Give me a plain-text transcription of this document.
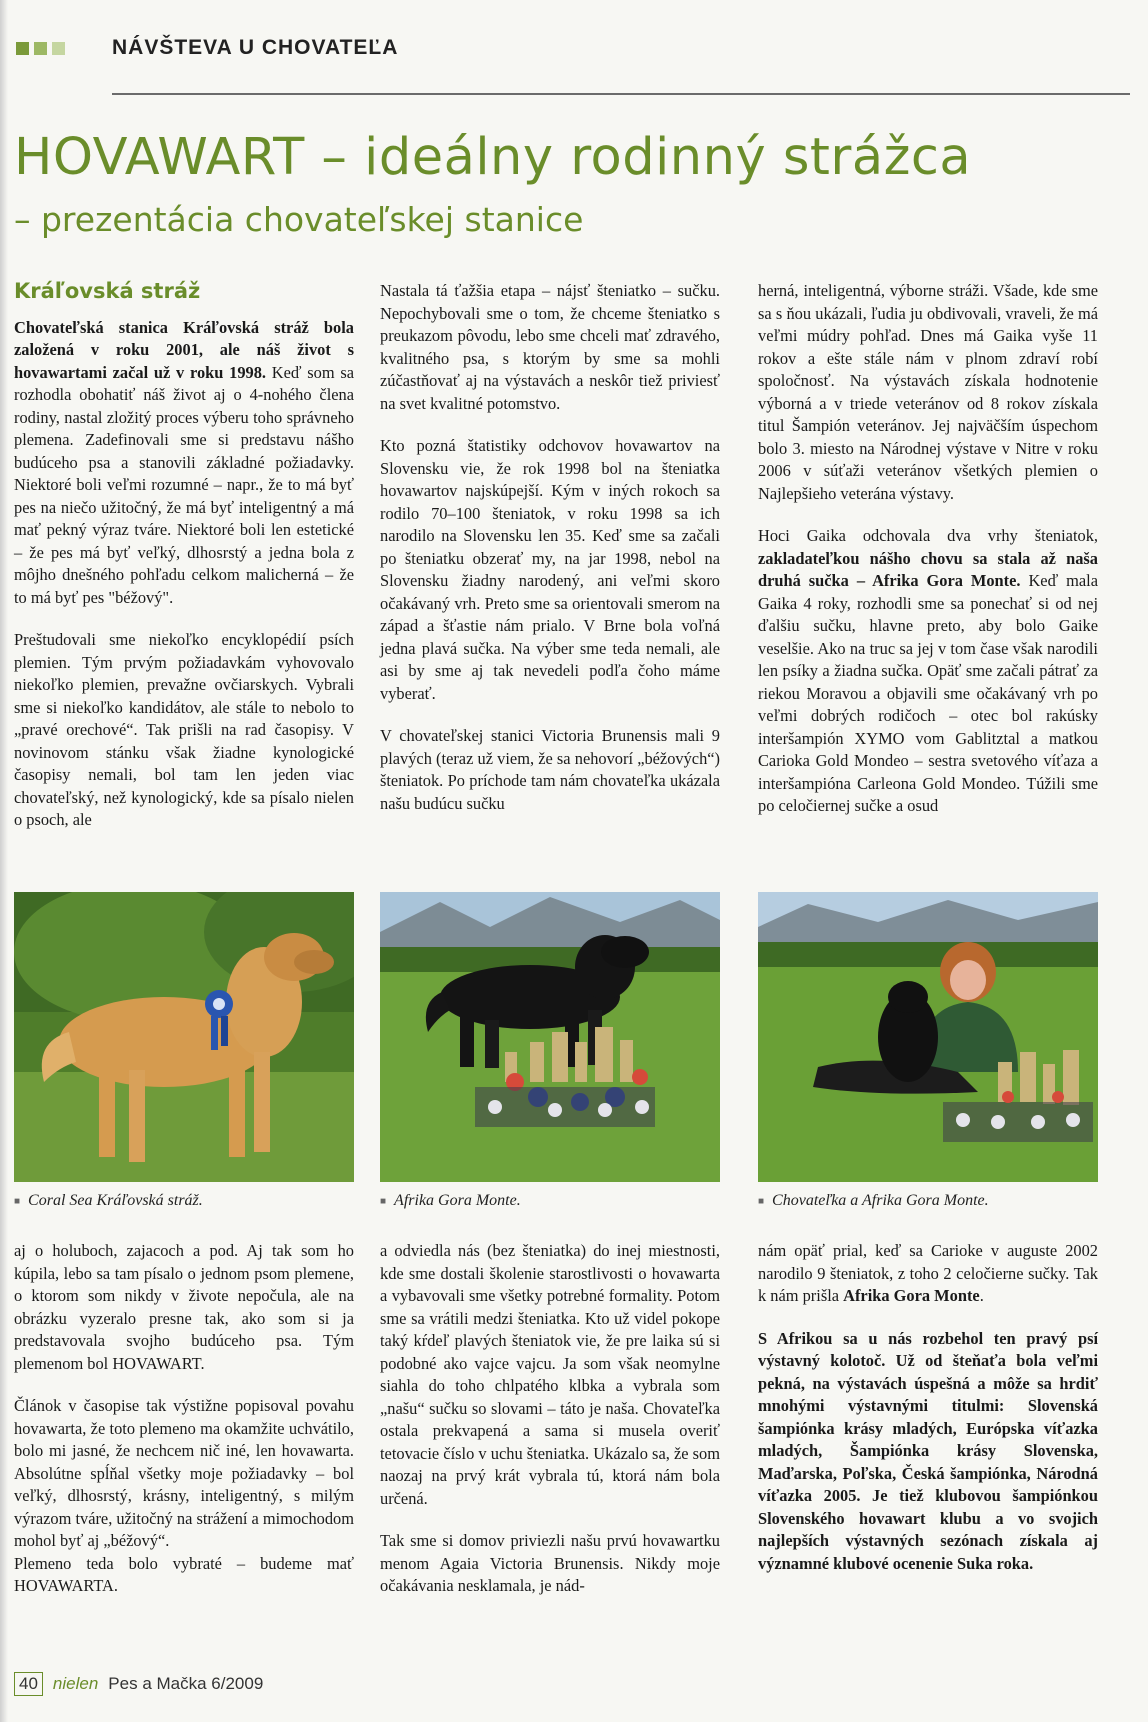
NÁVŠTEVA U CHOVATEĽA
HOVAWART – ideálny rodinný strážca
– prezentácia chovateľskej stanice
Kráľovská stráž

Chovateľská stanica Kráľovská stráž bola založená v roku 2001, ale náš život s hovawartami začal už v roku 1998. Keď som sa rozhodla obohatiť náš život aj o 4-nohého člena rodiny, nastal zložitý proces výberu toho správneho plemena. Zadefinovali sme si predstavu nášho budúceho psa a stanovili základné požiadavky. Niektoré boli veľmi rozumné – napr., že to má byť pes na niečo užitočný, že má byť inteligentný a má mať pekný výraz tváre. Niektoré boli len estetické – že pes má byť veľký, dlhosrstý a jedna bola z môjho dnešného pohľadu celkom malicherná – že to má byť pes "béžový".

Preštudovali sme niekoľko encyklopédií psích plemien. Tým prvým požiadavkám vyhovovalo niekoľko plemien, prevažne ovčiarskych. Vybrali sme si niekoľko kandidátov, ale stále to nebolo to „pravé orechové“. Tak prišli na rad časopisy. V novinovom stánku však žiadne kynologické časopisy nemali, bol tam len jeden viac chovateľský, než kynologický, kde sa písalo nielen o psoch, ale

Nastala tá ťažšia etapa – nájsť šteniatko – sučku. Nepochybovali sme o tom, že chceme šteniatko s preukazom pôvodu, lebo sme chceli mať zdravého, kvalitného psa, s ktorým by sme sa mohli zúčastňovať aj na výstavách a neskôr tiež priviesť na svet kvalitné potomstvo.

Kto pozná štatistiky odchovov hovawartov na Slovensku vie, že rok 1998 bol na šteniatka hovawartov najskúpejší. Kým v iných rokoch sa rodilo 70–100 šteniatok, v roku 1998 sa ich narodilo na Slovensku len 35. Keď sme sa začali po šteniatku obzerať my, na jar 1998, nebol na Slovensku žiadny narodený, ani veľmi skoro očakávaný vrh. Preto sme sa orientovali smerom na západ a šťastie nám prialo. V Brne bola voľná jedna plavá sučka. Na výber sme teda nemali, ale asi by sme aj tak nevedeli podľa čoho máme vyberať.

V chovateľskej stanici Victoria Brunensis mali 9 plavých (teraz už viem, že sa nehovorí „béžových“) šteniatok. Po príchode tam nám chovateľka ukázala našu budúcu sučku

herná, inteligentná, výborne stráži. Všade, kde sme sa s ňou ukázali, ľudia ju obdivovali, vraveli, že má veľmi múdry pohľad. Dnes má Gaika vyše 11 rokov a ešte stále nám v plnom zdraví robí spoločnosť. Na výstavách získala hodnotenie výborná a v triede veteránov od 8 rokov získala titul Šampión veteránov. Jej najväčším úspechom bolo 3. miesto na Národnej výstave v Nitre v roku 2006 v súťaži veteránov všetkých plemien o Najlepšieho veterána výstavy.

Hoci Gaika odchovala dva vrhy šteniatok, zakladateľkou nášho chovu sa stala až naša druhá sučka – Afrika Gora Monte. Keď mala Gaika 4 roky, rozhodli sme sa ponechať si od nej ďalšiu sučku, hlavne preto, aby bolo Gaike veselšie. Ako na truc sa jej v tom čase však narodili len psíky a žiadna sučka. Opäť sme začali pátrať za riekou Moravou a objavili sme očakávaný vrh po veľmi dobrých rodičoch – otec bol rakúsky interšampión XYMO vom Gablitztal a matkou Carioka Gold Mondeo – sestra svetového víťaza a interšampióna Carleona Gold Mondeo. Túžili sme po celočiernej sučke a osud

■ Coral Sea Kráľovská stráž.	■ Afrika Gora Monte.	■ Chovateľka a Afrika Gora Monte.

aj o holuboch, zajacoch a pod. Aj tak som ho kúpila, lebo sa tam písalo o jednom psom plemene, o ktorom som nikdy v živote nepočula, ale na obrázku vyzeralo presne tak, ako som si ja predstavovala svojho budúceho psa. Tým plemenom bol HOVAWART.

Článok v časopise tak výstižne popisoval povahu hovawarta, že toto plemeno ma okamžite uchvátilo, bolo mi jasné, že nechcem nič iné, len hovawarta. Absolútne spĺňal všetky moje požiadavky – bol veľký, dlhosrstý, krásny, inteligentný, s milým výrazom tváre, užitočný na strážení a mimochodom mohol byť aj „béžový“.

Plemeno teda bolo vybraté – budeme mať HOVAWARTA.

a odviedla nás (bez šteniatka) do inej miestnosti, kde sme dostali školenie starostlivosti o hovawarta a vybavovali sme všetky potrebné formality. Potom sme sa vrátili medzi šteniatka. Kto už videl pokope taký kŕdeľ plavých šteniatok vie, že pre laika sú si podobné ako vajce vajcu. Ja som však neomylne siahla do toho chlpatého klbka a vybrala som „našu“ sučku so slovami – táto je naša. Chovateľka ostala prekvapená a sama si musela overiť tetovacie číslo v uchu šteniatka. Ukázalo sa, že som naozaj na prvý krát vybrala tú, ktorá nám bola určená.

Tak sme si domov priviezli našu prvú hovawartku menom Agaia Victoria Brunensis. Nikdy moje očakávania nesklamala, je nád-

nám opäť prial, keď sa Carioke v auguste 2002 narodilo 9 šteniatok, z toho 2 celočierne sučky. Tak k nám prišla Afrika Gora Monte.

S Afrikou sa u nás rozbehol ten pravý psí výstavný kolotoč. Už od šteňaťa bola veľmi pekná, na výstavách úspešná a môže sa hrdiť mnohými výstavnými titulmi: Slovenská šampiónka krásy mladých, Európska víťazka mladých, Šampiónka krásy Slovenska, Maďarska, Poľska, Česká šampiónka, Národná víťazka 2005. Je tiež klubovou šampiónkou Slovenského hovawart klubu a vo svojich najlepších výstavných sezónach získala aj významné klubové ocenenie Suka roka.

40 nielen Pes a Mačka 6/2009
